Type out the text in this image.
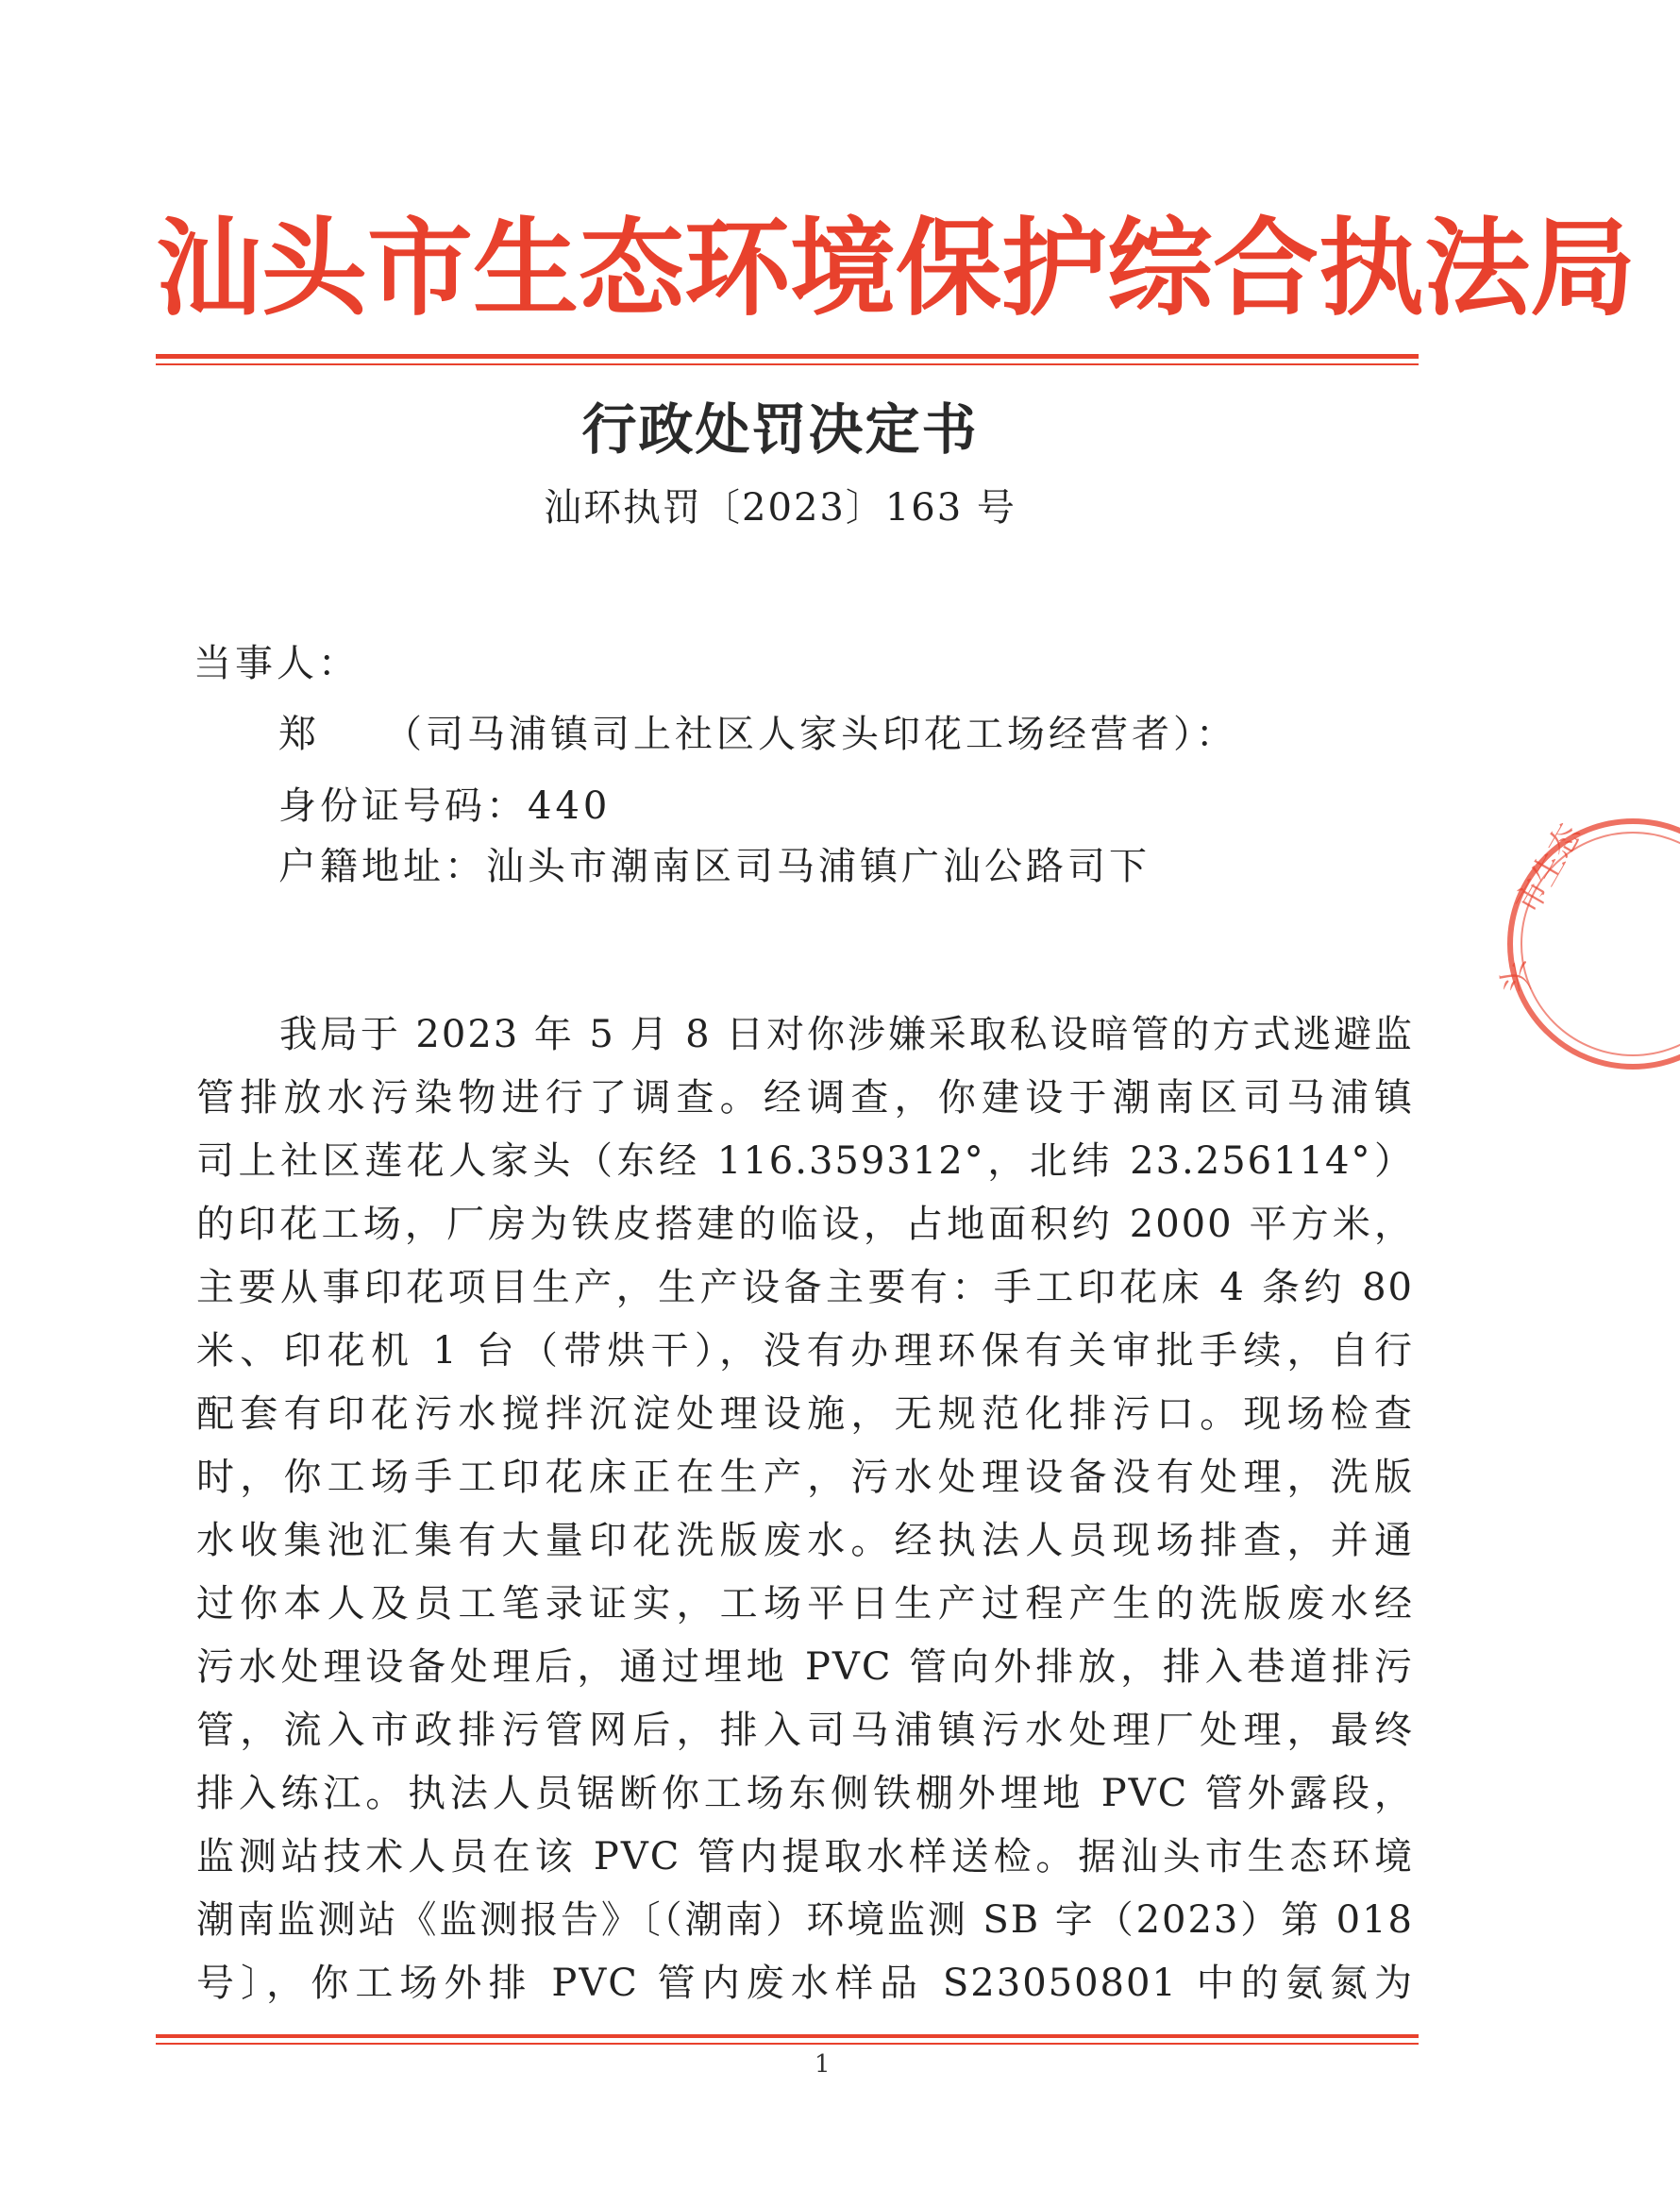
汕头市生态环境保护综合执法局
行政处罚决定书
汕环执罚〔2023〕163 号
当事人：
郑　　（司马浦镇司上社区人家头印花工场经营者）：
身份证号码：440
户籍地址：汕头市潮南区司马浦镇广汕公路司下
我局于 2023 年 5 月 8 日对你涉嫌采取私设暗管的方式逃避监
管排放水污染物进行了调查。经调查，你建设于潮南区司马浦镇
司上社区莲花人家头（东经 116.359312°，北纬 23.256114°）
的印花工场，厂房为铁皮搭建的临设，占地面积约 2000 平方米，
主要从事印花项目生产，生产设备主要有：手工印花床 4 条约 80
米、印花机 1 台（带烘干），没有办理环保有关审批手续，自行
配套有印花污水搅拌沉淀处理设施，无规范化排污口。现场检查
时，你工场手工印花床正在生产，污水处理设备没有处理，洗版
水收集池汇集有大量印花洗版废水。经执法人员现场排查，并通
过你本人及员工笔录证实，工场平日生产过程产生的洗版废水经
污水处理设备处理后，通过埋地 PVC 管向外排放，排入巷道排污
管，流入市政排污管网后，排入司马浦镇污水处理厂处理，最终
排入练江。执法人员锯断你工场东侧铁棚外埋地 PVC 管外露段，
监测站技术人员在该 PVC 管内提取水样送检。据汕头市生态环境
潮南监测站《监测报告》〔（潮南）环境监测 SB 字（2023）第 018
号〕，你工场外排 PVC 管内废水样品 S23050801 中的氨氮为
1
市生态
头
